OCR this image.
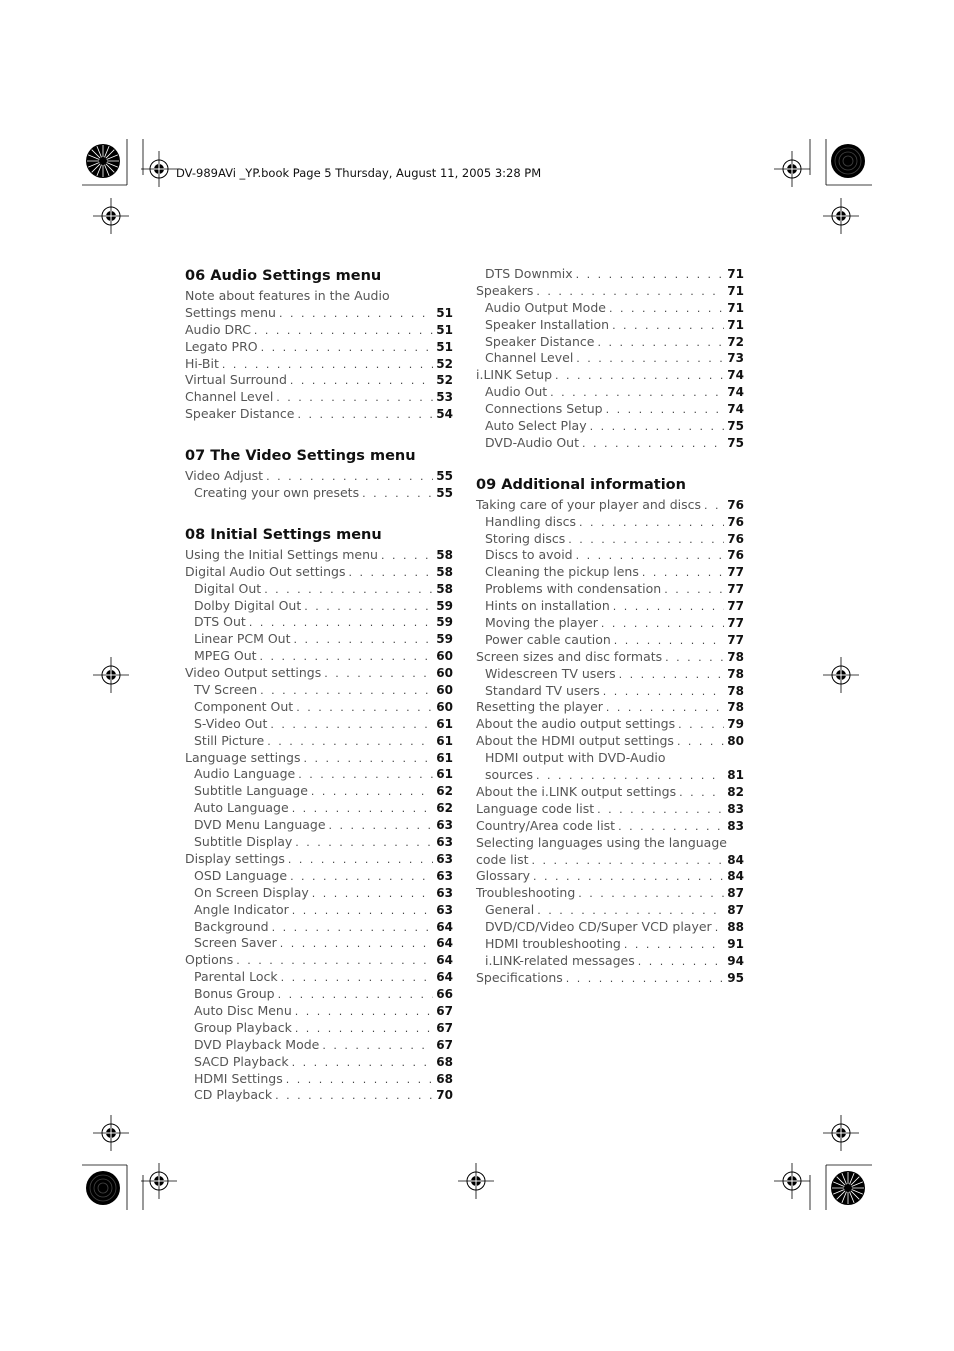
DV-989AVi _YP.book Page 5 Thursday, August 11, 2005 3:28 PM
06 Audio Settings menu
Note about features in the Audio
Settings menu . . .	51
Audio DRC . . .	51
Legato PRO . . .	51
Hi-Bit . . .	52
Virtual Surround . . .	52
Channel Level . . .	53
Speaker Distance . . .	54
07 The Video Settings menu
Video Adjust . . .	55
Creating your own presets . . .	55
08 Initial Settings menu
Using the Initial Settings menu . . .	58
Digital Audio Out settings . . .	58
Digital Out . . .	58
Dolby Digital Out . . .	59
DTS Out . . .	59
Linear PCM Out . . .	59
MPEG Out . . .	60
Video Output settings . . .	60
TV Screen . . .	60
Component Out . . .	60
S-Video Out . . .	61
Still Picture . . .	61
Language settings . . .	61
Audio Language . . .	61
Subtitle Language . . .	62
Auto Language . . .	62
DVD Menu Language . . .	63
Subtitle Display . . .	63
Display settings . . .	63
OSD Language . . .	63
On Screen Display . . .	63
Angle Indicator . . .	63
Background . . .	64
Screen Saver . . .	64
Options . . .	64
Parental Lock . . .	64
Bonus Group . . .	66
Auto Disc Menu . . .	67
Group Playback . . .	67
DVD Playback Mode . . .	67
SACD Playback . . .	68
HDMI Settings . . .	68
CD Playback . . .	70
DTS Downmix . . .	71
Speakers . . .	71
Audio Output Mode . . .	71
Speaker Installation . . .	71
Speaker Distance . . .	72
Channel Level . . .	73
i.LINK Setup . . .	74
Audio Out . . .	74
Connections Setup . . .	74
Auto Select Play . . .	75
DVD-Audio Out . . .	75
09 Additional information
Taking care of your player and discs . . . 76
Handling discs . . .	76
Storing discs . . .	76
Discs to avoid . . .	76
Cleaning the pickup lens . . .	77
Problems with condensation . . .	77
Hints on installation . . .	77
Moving the player . . .	77
Power cable caution . . .	77
Screen sizes and disc formats . . .	78
Widescreen TV users . . .	78
Standard TV users . . .	78
Resetting the player . . .	78
About the audio output settings . . .	79
About the HDMI output settings . . .	80
HDMI output with DVD-Audio
sources . . .	81
About the i.LINK output settings . . .	82
Language code list . . .	83
Country/Area code list . . .	83
Selecting languages using the language
code list . . .	84
Glossary . . .	84
Troubleshooting . . .	87
General . . .	87
DVD/CD/Video CD/Super VCD player . . . 88
HDMI troubleshooting . . .	91
i.LINK-related messages . . .	94
Specifications . . .	95
